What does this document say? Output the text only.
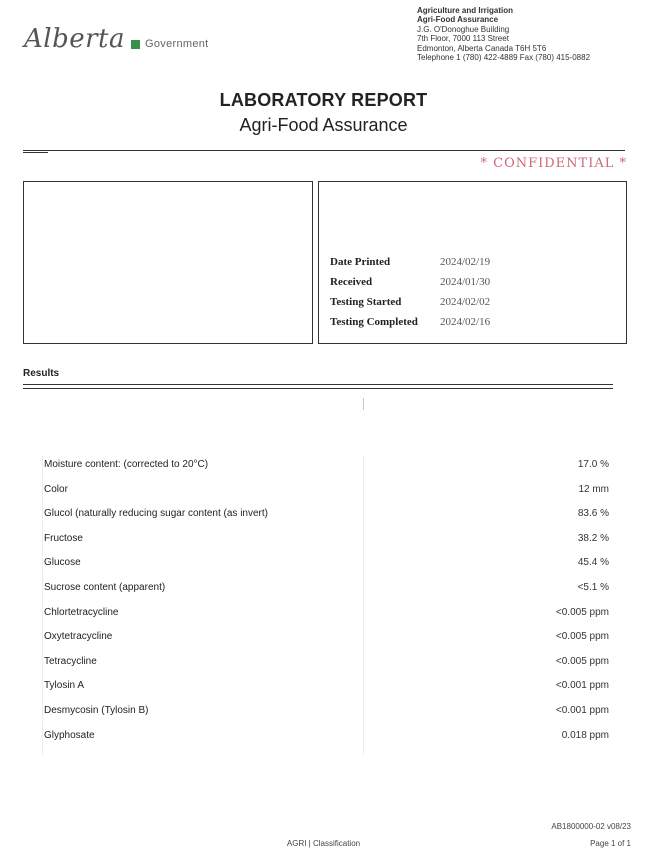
Alberta Government
Agriculture and Irrigation
Agri-Food Assurance
J.G. O'Donoghue Building
7th Floor, 7000 113 Street
Edmonton, Alberta Canada T6H 5T6
Telephone 1 (780) 422-4889 Fax (780) 415-0882
LABORATORY REPORT
Agri-Food Assurance
* CONFIDENTIAL *
Date Printed	2024/02/19
Received	2024/01/30
Testing Started	2024/02/02
Testing Completed	2024/02/16
Results
Moisture content: (corrected to 20°C)	17.0 %
Color	12 mm
Glucol (naturally reducing sugar content (as invert)	83.6 %
Fructose	38.2 %
Glucose	45.4 %
Sucrose content (apparent)	<5.1 %
Chlortetracycline	<0.005 ppm
Oxytetracycline	<0.005 ppm
Tetracycline	<0.005 ppm
Tylosin A	<0.001 ppm
Desmycosin (Tylosin B)	<0.001 ppm
Glyphosate	0.018 ppm
AB1800000-02 v08/23
AGRI | Classification	Page 1 of 1
